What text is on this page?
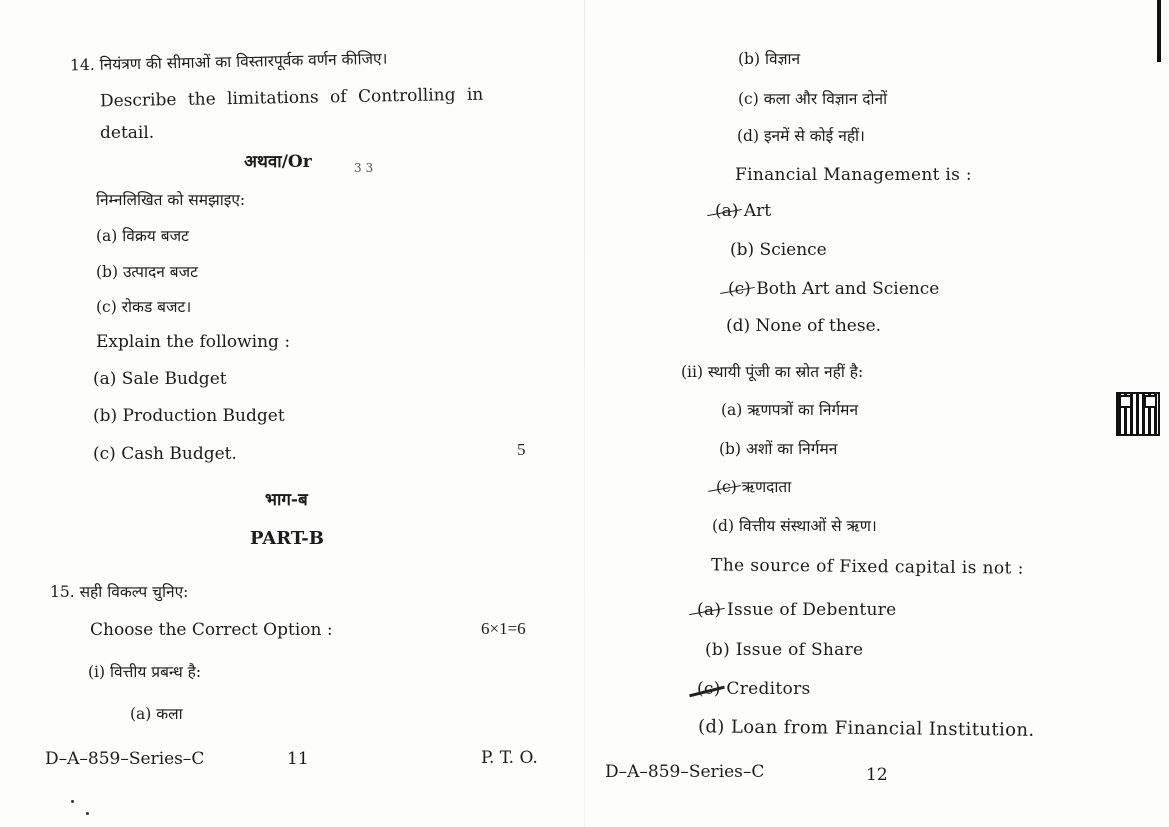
14. नियंत्रण की सीमाओं का विस्तारपूर्वक वर्णन कीजिए।
Describe the limitations of Controlling in
detail.
अथवा/Or	3 3
निम्नलिखित को समझाइए:
(a) विक्रय बजट
(b) उत्पादन बजट
(c) रोकड बजट।
Explain the following :
(a) Sale Budget
(b) Production Budget
(c) Cash Budget.	5
भाग-ब
PART-B
15. सही विकल्प चुनिए:
Choose the Correct Option :	6×1=6
(i) वित्तीय प्रबन्ध है:
(a) कला
D–A–859–Series–C	11	P. T. O.
(b) विज्ञान
(c) कला और विज्ञान दोनों
(d) इनमें से कोई नहीं।
Financial Management is :
(a) Art
(b) Science
(c) Both Art and Science
(d) None of these.
(ii) स्थायी पूंजी का स्रोत नहीं है:
(a) ऋणपत्रों का निर्गमन
(b) अशों का निर्गमन
(c) ऋणदाता
(d) वित्तीय संस्थाओं से ऋण।
The source of Fixed capital is not :
(a) Issue of Debenture
(b) Issue of Share
(c) Creditors
(d) Loan from Financial Institution.
D–A–859–Series–C	12
